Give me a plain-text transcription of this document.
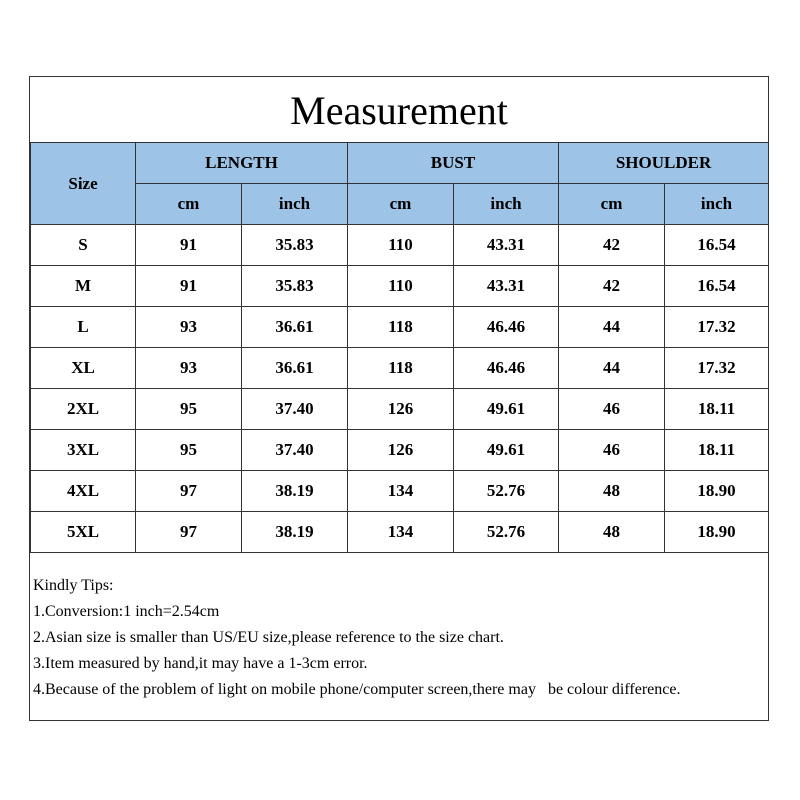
Measurement
Size	LENGTH		BUST		SHOULDER	
	cm	inch	cm	inch	cm	inch
S	91	35.83	110	43.31	42	16.54
M	91	35.83	110	43.31	42	16.54
L	93	36.61	118	46.46	44	17.32
XL	93	36.61	118	46.46	44	17.32
2XL	95	37.40	126	49.61	46	18.11
3XL	95	37.40	126	49.61	46	18.11
4XL	97	38.19	134	52.76	48	18.90
5XL	97	38.19	134	52.76	48	18.90
Kindly Tips:
1.Conversion:1 inch=2.54cm
2.Asian size is smaller than US/EU size,please reference to the size chart.
3.Item measured by hand,it may have a 1-3cm error.
4.Because of the problem of light on mobile phone/computer screen,there may   be colour difference.
